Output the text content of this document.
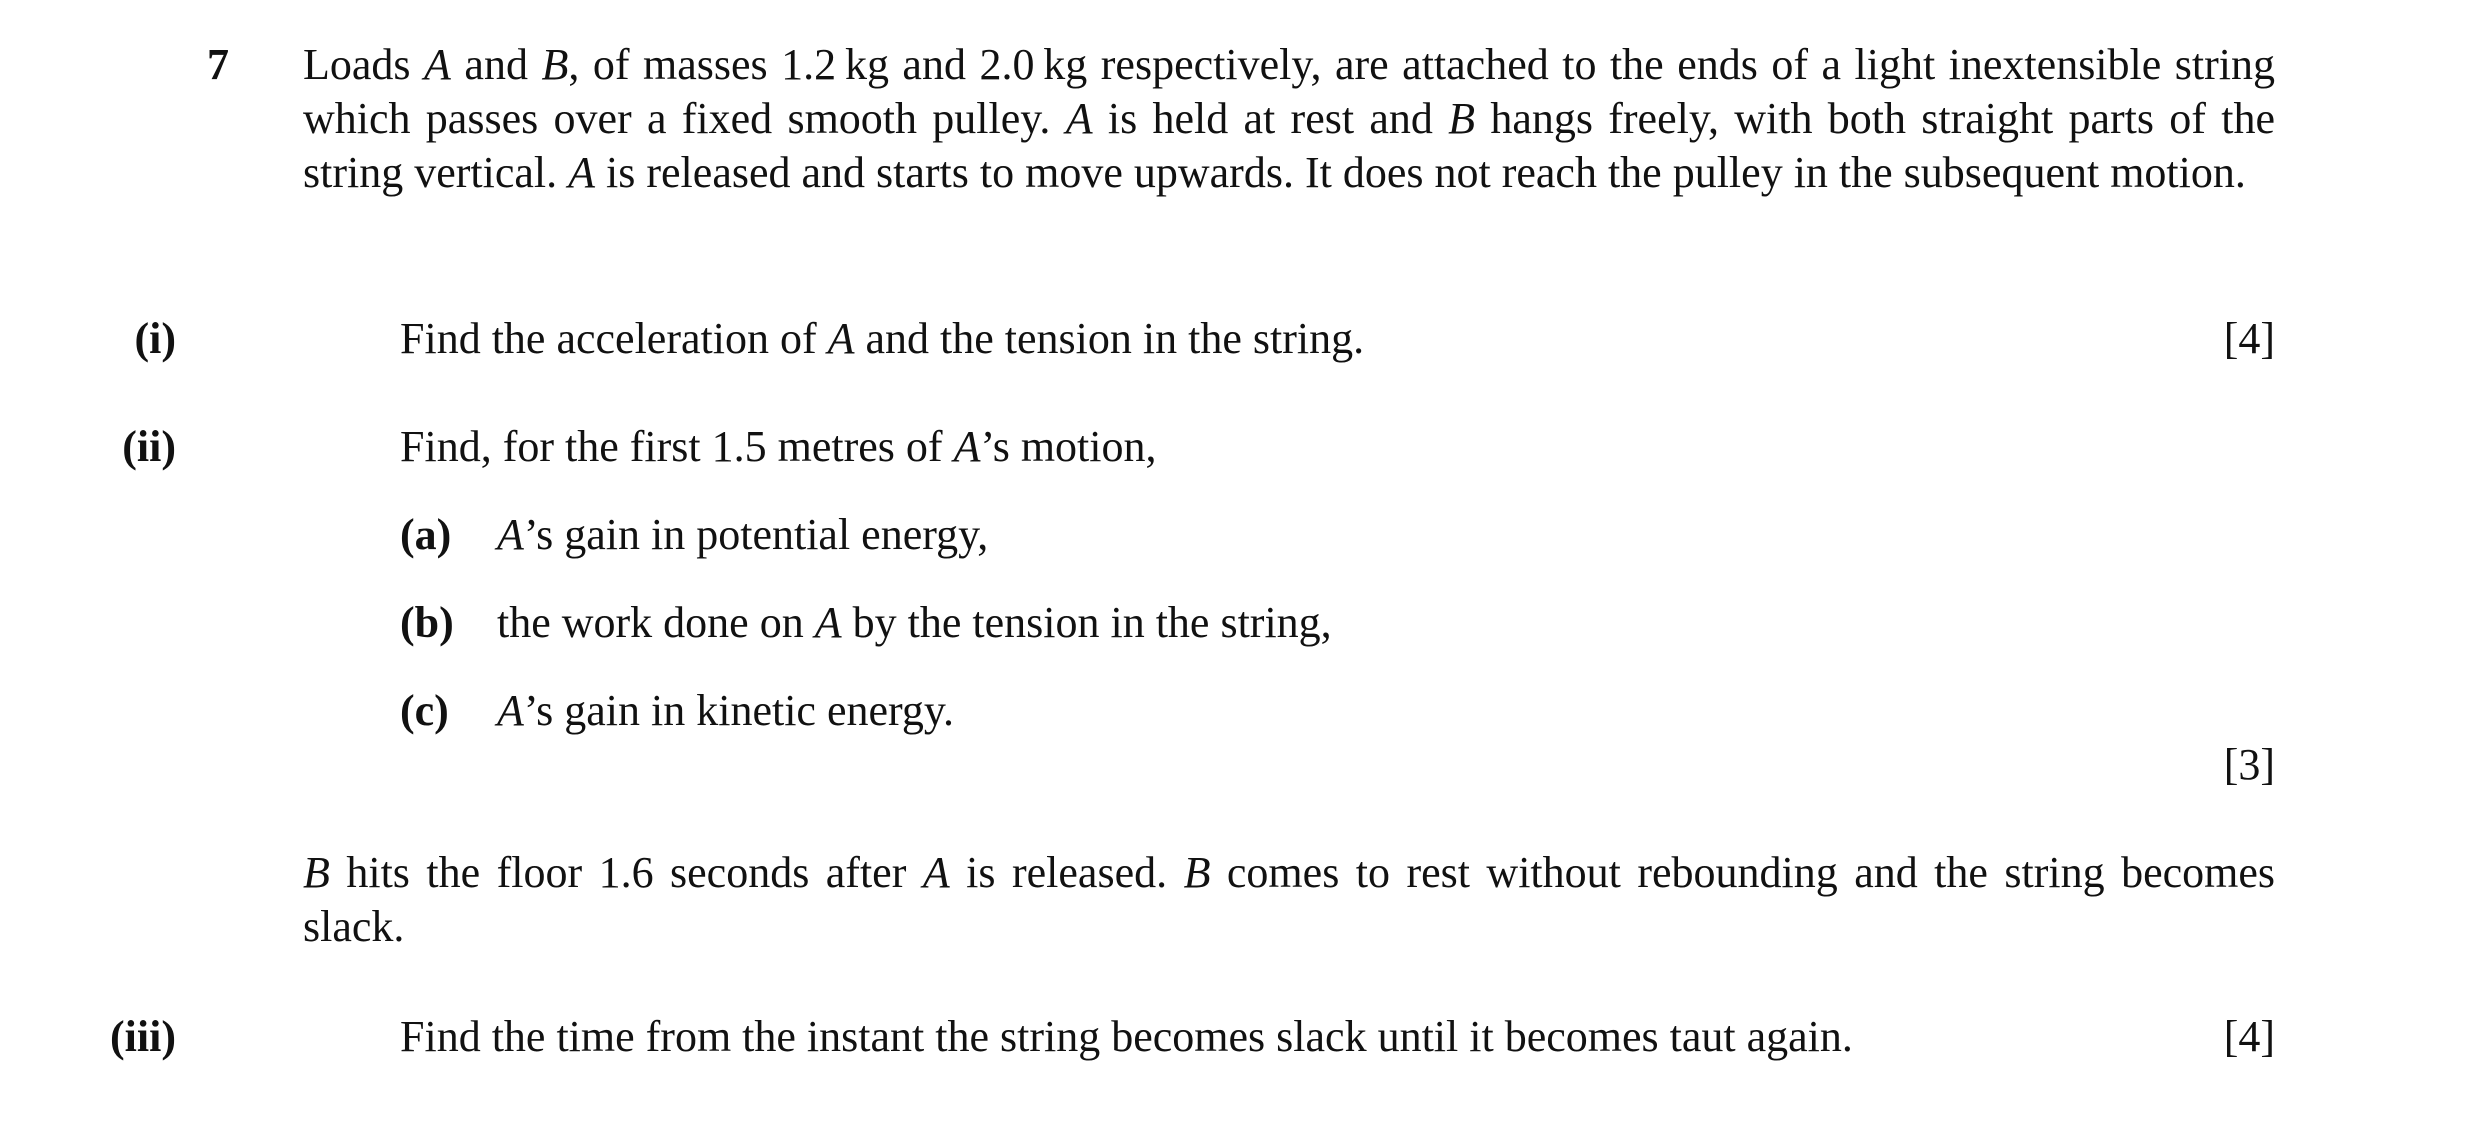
7 Loads A and B, of masses 1.2 kg and 2.0 kg respectively, are attached to the ends of a light inextensible string which passes over a fixed smooth pulley. A is held at rest and B hangs freely, with both straight parts of the string vertical. A is released and starts to move upwards. It does not reach the pulley in the subsequent motion.
(i)	Find the acceleration of A and the tension in the string.	[4]
(ii)	Find, for the first 1.5 metres of A’s motion,
(a) A’s gain in potential energy,
(b) the work done on A by the tension in the string,
(c) A’s gain in kinetic energy.
[3]
B hits the floor 1.6 seconds after A is released. B comes to rest without rebounding and the string becomes slack.
(iii)	Find the time from the instant the string becomes slack until it becomes taut again.	[4]
